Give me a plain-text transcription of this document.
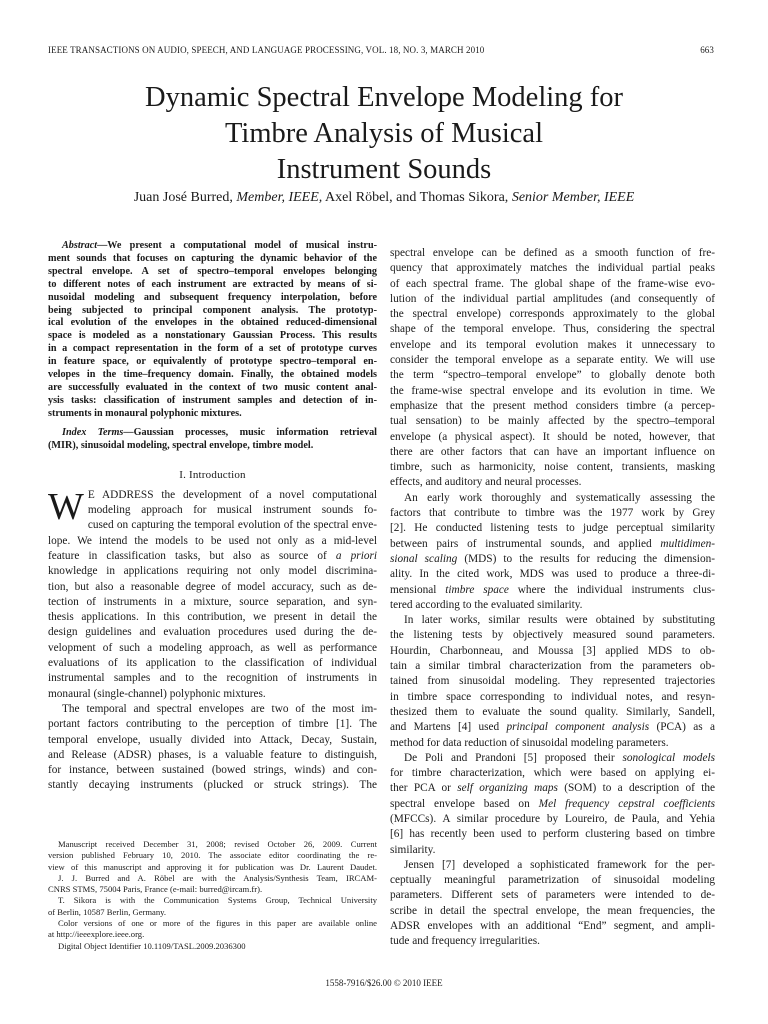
IEEE TRANSACTIONS ON AUDIO, SPEECH, AND LANGUAGE PROCESSING, VOL. 18, NO. 3, MARCH 2010	663
Dynamic Spectral Envelope Modeling for
Timbre Analysis of Musical
Instrument Sounds
Juan José Burred, Member, IEEE, Axel Röbel, and Thomas Sikora, Senior Member, IEEE
Abstract—We present a computational model of musical instru-
ment sounds that focuses on capturing the dynamic behavior of the
spectral envelope. A set of spectro–temporal envelopes belonging
to different notes of each instrument are extracted by means of si-
nusoidal modeling and subsequent frequency interpolation, before
being subjected to principal component analysis. The prototyp-
ical evolution of the envelopes in the obtained reduced-dimensional
space is modeled as a nonstationary Gaussian Process. This results
in a compact representation in the form of a set of prototype curves
in feature space, or equivalently of prototype spectro–temporal en-
velopes in the time–frequency domain. Finally, the obtained models
are successfully evaluated in the context of two music content anal-
ysis tasks: classification of instrument samples and detection of in-
struments in monaural polyphonic mixtures.
Index Terms—Gaussian processes, music information retrieval
(MIR), sinusoidal modeling, spectral envelope, timbre model.
I. Introduction
W E ADDRESS the development of a novel computational
modeling approach for musical instrument sounds fo-
cused on capturing the temporal evolution of the spectral enve-
lope. We intend the models to be used not only as a mid-level
feature in classification tasks, but also as source of a priori
knowledge in applications requiring not only model discrimina-
tion, but also a reasonable degree of model accuracy, such as de-
tection of instruments in a mixture, source separation, and syn-
thesis applications. In this contribution, we present in detail the
design guidelines and evaluation procedures used during the de-
velopment of such a modeling approach, as well as performance
evaluations of its application to the classification of individual
instrumental samples and to the recognition of instruments in
monaural (single-channel) polyphonic mixtures.
The temporal and spectral envelopes are two of the most im-
portant factors contributing to the perception of timbre [1]. The
temporal envelope, usually divided into Attack, Decay, Sustain,
and Release (ADSR) phases, is a valuable feature to distinguish,
for instance, between sustained (bowed strings, winds) and con-
stantly decaying instruments (plucked or struck strings). The
Manuscript received December 31, 2008; revised October 26, 2009. Current
version published February 10, 2010. The associate editor coordinating the re-
view of this manuscript and approving it for publication was Dr. Laurent Daudet.
J. J. Burred and A. Röbel are with the Analysis/Synthesis Team, IRCAM-
CNRS STMS, 75004 Paris, France (e-mail: burred@ircam.fr).
T. Sikora is with the Communication Systems Group, Technical University
of Berlin, 10587 Berlin, Germany.
Color versions of one or more of the figures in this paper are available online
at http://ieeexplore.ieee.org.
Digital Object Identifier 10.1109/TASL.2009.2036300
spectral envelope can be defined as a smooth function of fre-
quency that approximately matches the individual partial peaks
of each spectral frame. The global shape of the frame-wise evo-
lution of the individual partial amplitudes (and consequently of
the spectral envelope) corresponds approximately to the global
shape of the temporal envelope. Thus, considering the spectral
envelope and its temporal evolution makes it unnecessary to
consider the temporal envelope as a separate entity. We will use
the term “spectro–temporal envelope” to globally denote both
the frame-wise spectral envelope and its evolution in time. We
emphasize that the present method considers timbre (a percep-
tual sensation) to be mainly affected by the spectro–temporal
envelope (a physical aspect). It should be noted, however, that
there are other factors that can have an important influence on
timbre, such as harmonicity, noise content, transients, masking
effects, and auditory and neural processes.
An early work thoroughly and systematically assessing the
factors that contribute to timbre was the 1977 work by Grey
[2]. He conducted listening tests to judge perceptual similarity
between pairs of instrumental sounds, and applied multidimen-
sional scaling (MDS) to the results for reducing the dimension-
ality. In the cited work, MDS was used to produce a three-di-
mensional timbre space where the individual instruments clus-
tered according to the evaluated similarity.
In later works, similar results were obtained by substituting
the listening tests by objectively measured sound parameters.
Hourdin, Charbonneau, and Moussa [3] applied MDS to ob-
tain a similar timbral characterization from the parameters ob-
tained from sinusoidal modeling. They represented trajectories
in timbre space corresponding to individual notes, and resyn-
thesized them to evaluate the sound quality. Similarly, Sandell,
and Martens [4] used principal component analysis (PCA) as a
method for data reduction of sinusoidal modeling parameters.
De Poli and Prandoni [5] proposed their sonological models
for timbre characterization, which were based on applying ei-
ther PCA or self organizing maps (SOM) to a description of the
spectral envelope based on Mel frequency cepstral coefficients
(MFCCs). A similar procedure by Loureiro, de Paula, and Yehia
[6] has recently been used to perform clustering based on timbre
similarity.
Jensen [7] developed a sophisticated framework for the per-
ceptually meaningful parametrization of sinusoidal modeling
parameters. Different sets of parameters were intended to de-
scribe in detail the spectral envelope, the mean frequencies, the
ADSR envelopes with an additional “End” segment, and ampli-
tude and frequency irregularities.
1558-7916/$26.00 © 2010 IEEE
